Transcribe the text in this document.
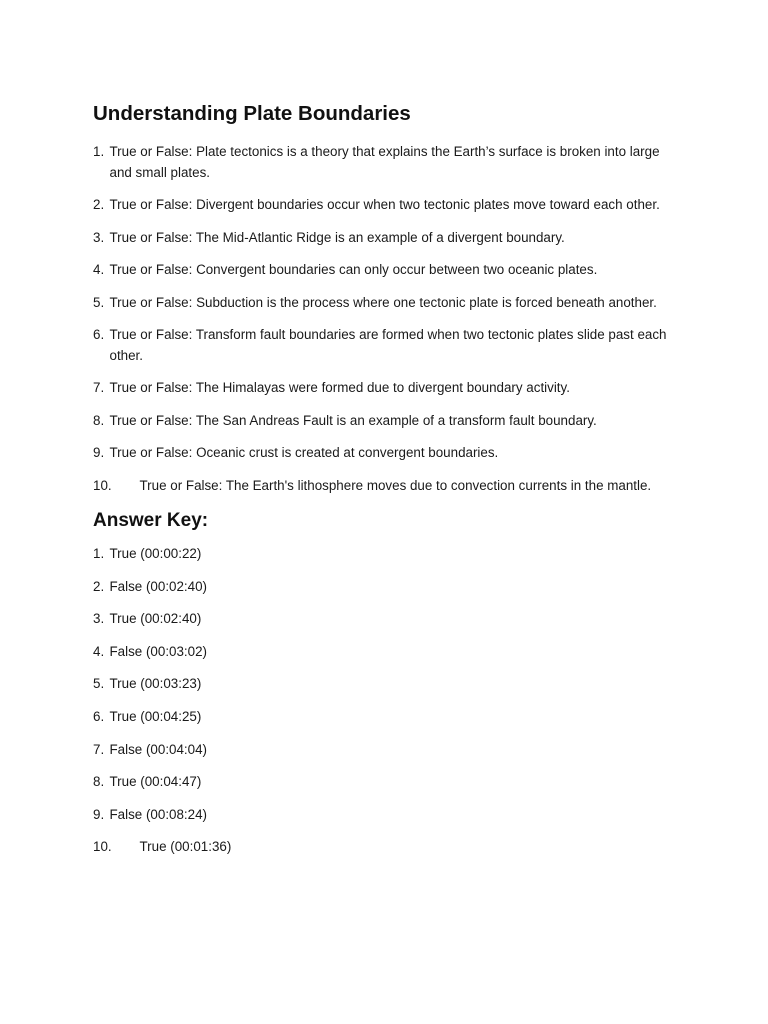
Understanding Plate Boundaries
1. True or False: Plate tectonics is a theory that explains the Earth’s surface is broken into large and small plates.
2. True or False: Divergent boundaries occur when two tectonic plates move toward each other.
3. True or False: The Mid-Atlantic Ridge is an example of a divergent boundary.
4. True or False: Convergent boundaries can only occur between two oceanic plates.
5. True or False: Subduction is the process where one tectonic plate is forced beneath another.
6. True or False: Transform fault boundaries are formed when two tectonic plates slide past each other.
7. True or False: The Himalayas were formed due to divergent boundary activity.
8. True or False: The San Andreas Fault is an example of a transform fault boundary.
9. True or False: Oceanic crust is created at convergent boundaries.
10. True or False: The Earth's lithosphere moves due to convection currents in the mantle.
Answer Key:
1. True (00:00:22)
2. False (00:02:40)
3. True (00:02:40)
4. False (00:03:02)
5. True (00:03:23)
6. True (00:04:25)
7. False (00:04:04)
8. True (00:04:47)
9. False (00:08:24)
10. True (00:01:36)
